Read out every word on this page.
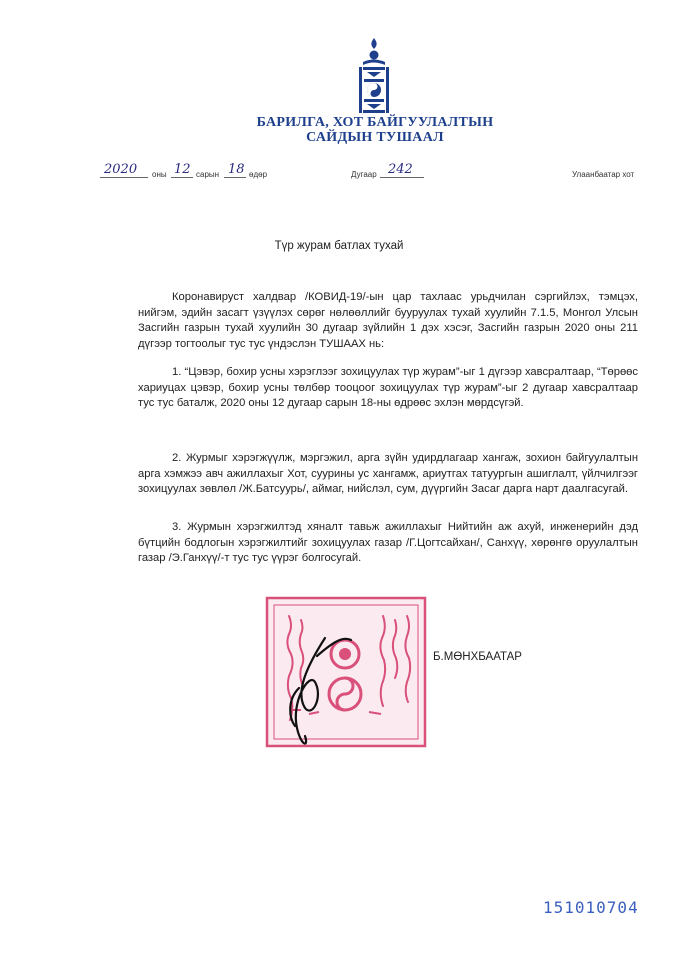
БАРИЛГА, ХОТ БАЙГУУЛАЛТЫН
САЙДЫН ТУШААЛ
2020 оны 12 сарын 18 өдөр	Дугаар 242	Улаанбаатар хот
Түр журам батлах тухай
Коронавируст халдвар /КОВИД-19/-ын цар тахлаас урьдчилан сэргийлэх, тэмцэх, нийгэм, эдийн засагт үзүүлэх сөрөг нөлөөллийг бууруулах тухай хуулийн 7.1.5, Монгол Улсын Засгийн газрын тухай хуулийн 30 дугаар зүйлийн 1 дэх хэсэг, Засгийн газрын 2020 оны 211 дүгээр тогтоолыг тус тус үндэслэн ТУШААХ нь:
1. “Цэвэр, бохир усны хэрэглээг зохицуулах түр журам”-ыг 1 дүгээр хавсралтаар, “Төрөөс хариуцах цэвэр, бохир усны төлбөр тооцоог зохицуулах түр журам”-ыг 2 дугаар хавсралтаар тус тус баталж, 2020 оны 12 дугаар сарын 18-ны өдрөөс эхлэн мөрдсүгэй.
2. Журмыг хэрэгжүүлж, мэргэжил, арга зүйн удирдлагаар хангаж, зохион байгуулалтын арга хэмжээ авч ажиллахыг Хот, суурины ус хангамж, ариутгах татуургын ашиглалт, үйлчилгээг зохицуулах зөвлөл /Ж.Батсуурь/, аймаг, нийслэл, сум, дүүргийн Засаг дарга нарт даалгасугай.
3. Журмын хэрэгжилтэд хяналт тавьж ажиллахыг Нийтийн аж ахуй, инженерийн дэд бүтцийн бодлогын хэрэгжилтийг зохицуулах газар /Г.Цогтсайхан/, Санхүү, хөрөнгө оруулалтын газар /Э.Ганхүү/-т тус тус үүрэг болгосугай.
Б.МӨНХБААТАР
151010704
